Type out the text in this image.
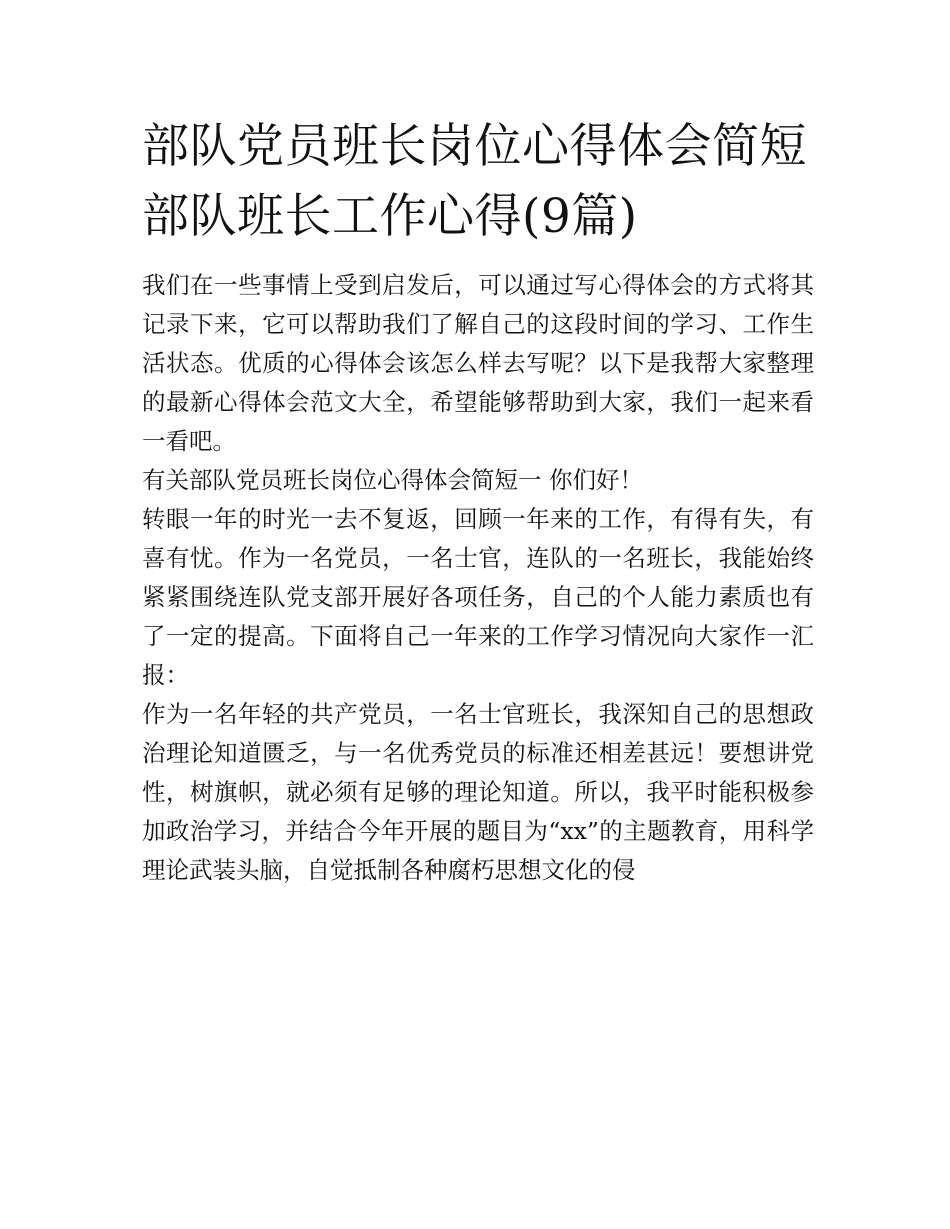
部队党员班长岗位心得体会简短 部队班长工作心得(9篇)

我们在一些事情上受到启发后，可以通过写心得体会的方式将其记录下来，它可以帮助我们了解自己的这段时间的学习、工作生活状态。优质的心得体会该怎么样去写呢？以下是我帮大家整理的最新心得体会范文大全，希望能够帮助到大家，我们一起来看一看吧。

有关部队党员班长岗位心得体会简短一 你们好！

转眼一年的时光一去不复返，回顾一年来的工作，有得有失，有喜有忧。作为一名党员，一名士官，连队的一名班长，我能始终紧紧围绕连队党支部开展好各项任务，自己的个人能力素质也有了一定的提高。下面将自己一年来的工作学习情况向大家作一汇报：

作为一名年轻的共产党员，一名士官班长，我深知自己的思想政治理论知道匮乏，与一名优秀党员的标准还相差甚远！要想讲党性，树旗帜，就必须有足够的理论知道。所以，我平时能积极参加政治学习，并结合今年开展的题目为“xx”的主题教育，用科学理论武装头脑，自觉抵制各种腐朽思想文化的侵
